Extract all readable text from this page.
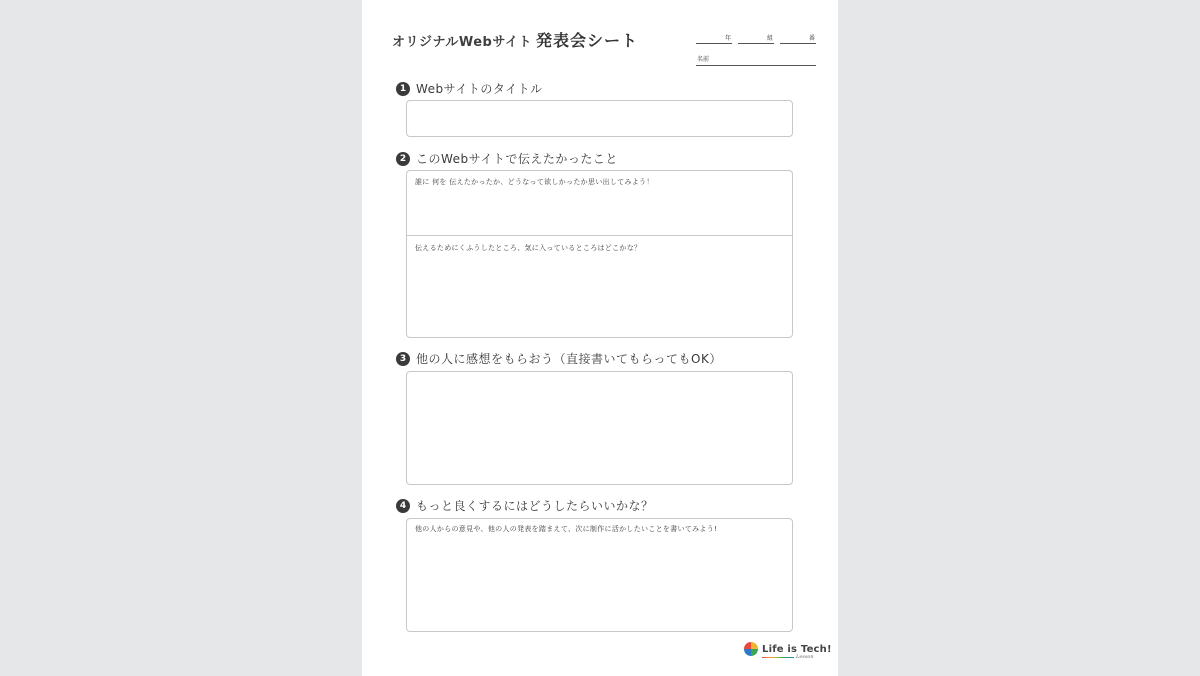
オリジナルWebサイト 発表会シート	年	組	番
名前
1 Webサイトのタイトル
2 このWebサイトで伝えたかったこと
誰に 何を 伝えたかったか、どうなって欲しかったか思い出してみよう！
伝えるためにくふうしたところ、気に入っているところはどこかな？
3 他の人に感想をもらおう（直接書いてもらってもOK）
4 もっと良くするにはどうしたらいいかな？
他の人からの意見や、他の人の発表を踏まえて、次に制作に活かしたいことを書いてみよう!
Life is Tech!
Lesson
